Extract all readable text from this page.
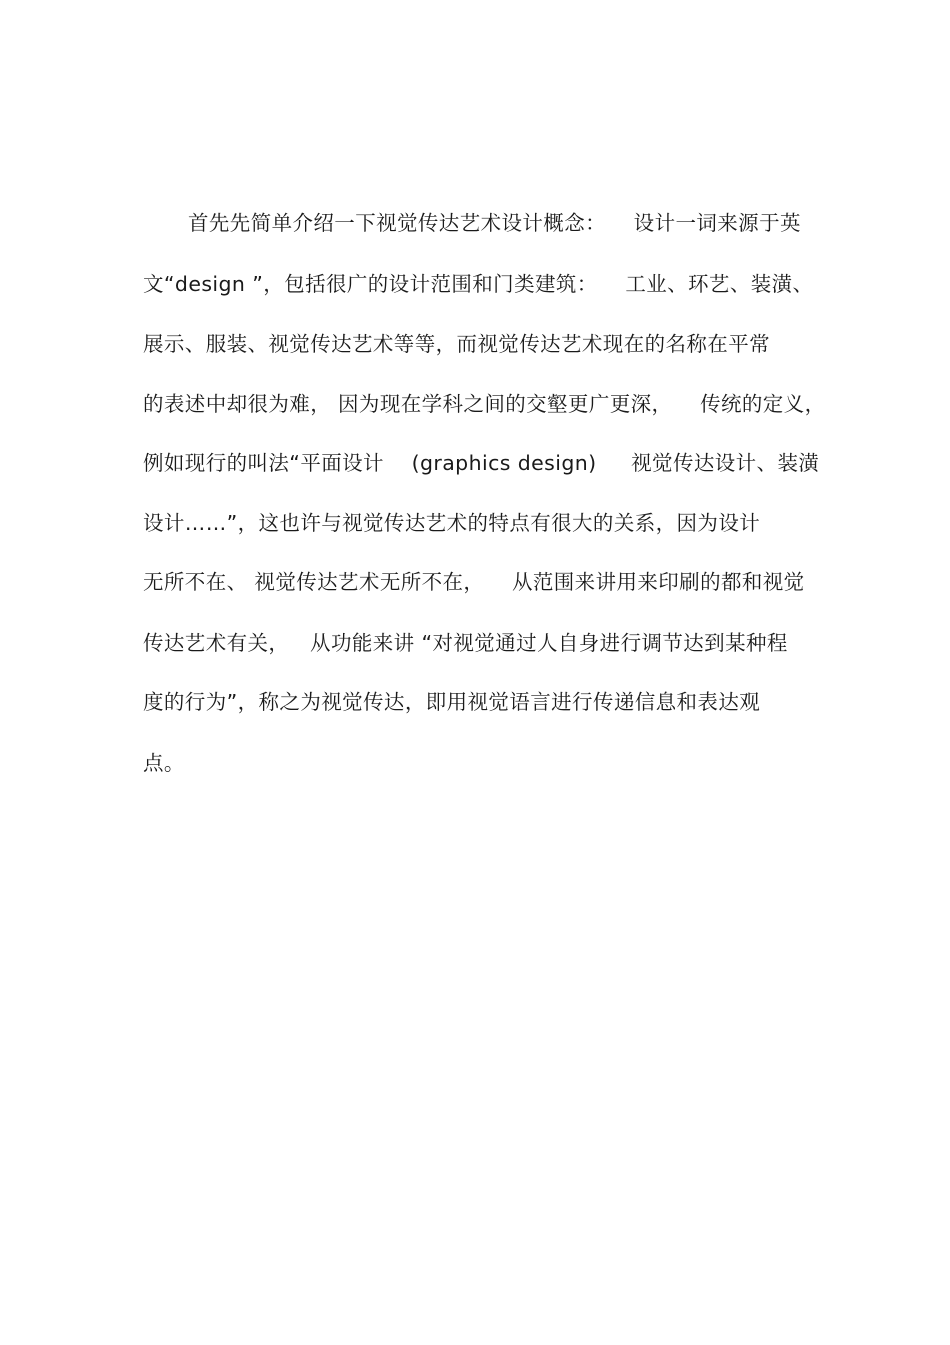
首先先简单介绍一下视觉传达艺术设计概念：    设计一词来源于英
文“design ”，包括很广的设计范围和门类建筑：    工业、环艺、装潢、
展示、服装、视觉传达艺术等等，而视觉传达艺术现在的名称在平常
的表述中却很为难， 因为现在学科之间的交壑更广更深，    传统的定义，
例如现行的叫法“平面设计    (graphics design)     视觉传达设计、装潢
设计……”，这也许与视觉传达艺术的特点有很大的关系，因为设计
无所不在、 视觉传达艺术无所不在，    从范围来讲用来印刷的都和视觉
传达艺术有关，   从功能来讲 “对视觉通过人自身进行调节达到某种程
度的行为”，称之为视觉传达，即用视觉语言进行传递信息和表达观
点。
